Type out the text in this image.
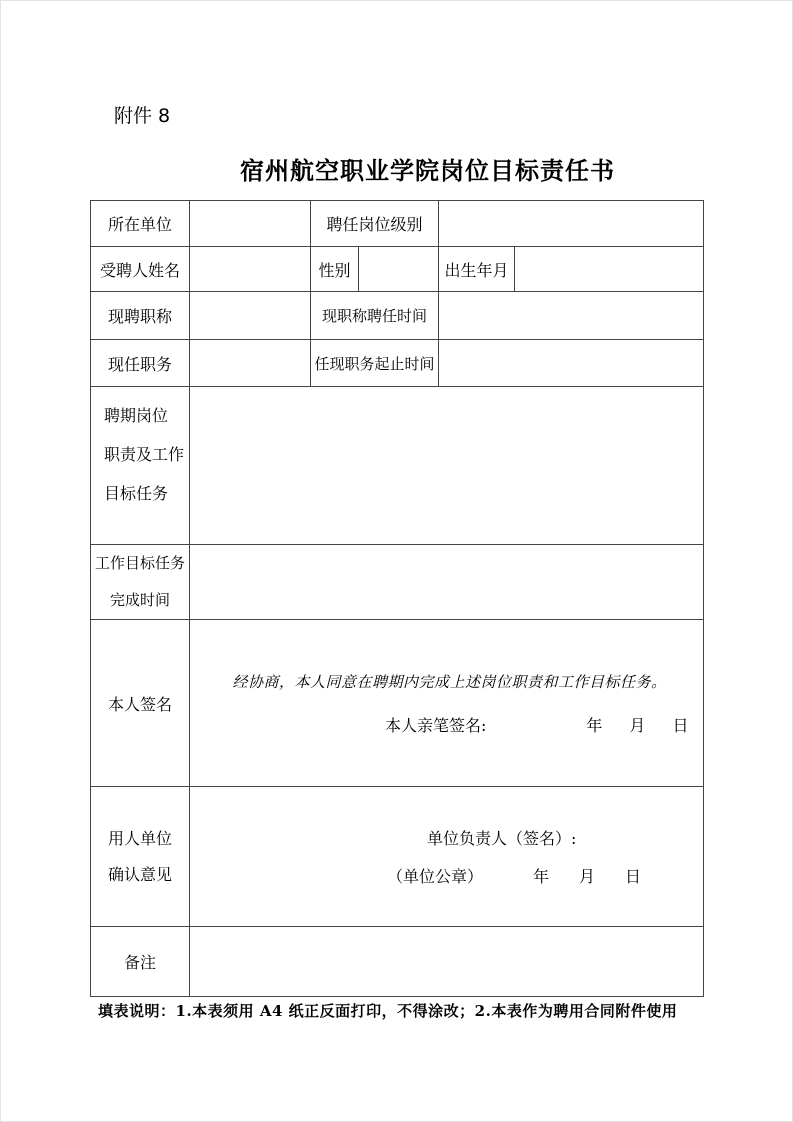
附件 8
宿州航空职业学院岗位目标责任书
所在单位		聘任岗位级别			
受聘人姓名		性别		出生年月	
现聘职称		现职称聘任时间			
现任职务		任现职务起止时间			

聘期岗位
职责及工作
目标任务					

工作目标任务
完成时间					

本人签名	经协商，本人同意在聘期内完成上述岗位职责和工作目标任务。
本人亲笔签名: 年 月 日				

用人单位
确认意见

单位负责人（签名）:
（单位公章）	年 月 日

备注					
填表说明：1.本表须用 A4 纸正反面打印，不得涂改；2.本表作为聘用合同附件使用
